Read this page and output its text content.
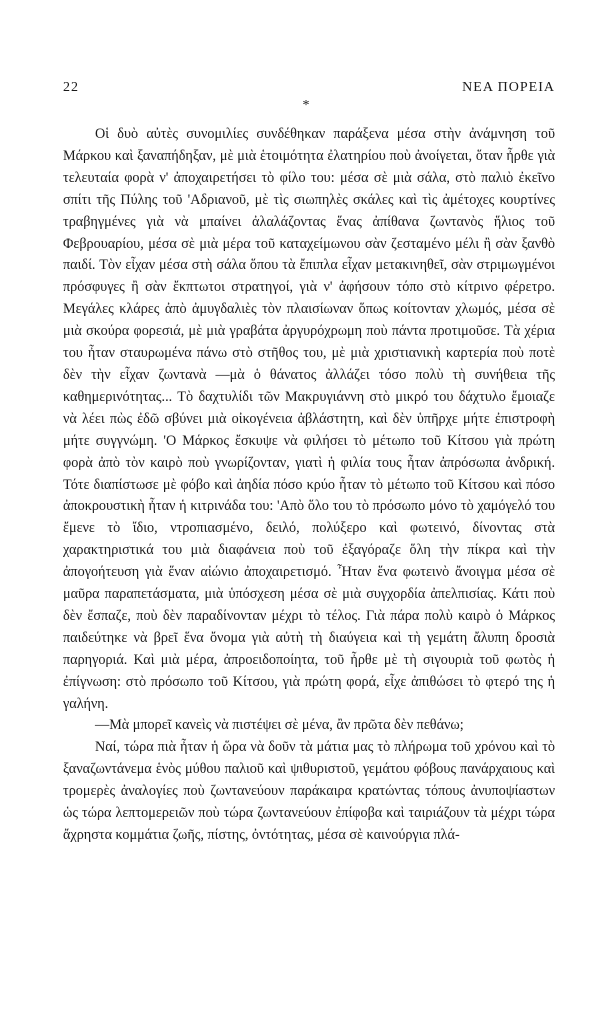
22	ΝΕΑ ΠΟΡΕΙΑ
*

Οἱ δυὸ αὐτὲς συνομιλίες συνδέθηκαν παράξενα μέσα στὴν ἀνάμνηση τοῦ Μάρκου καὶ ξαναπήδηξαν, μὲ μιὰ ἑτοιμότητα ἐλατηρίου ποὺ ἀνοίγεται, ὅταν ἦρθε γιὰ τελευταία φορὰ ν' ἀποχαιρετήσει τὸ φίλο του: μέσα σὲ μιὰ σάλα, στὸ παλιὸ ἐκεῖνο σπίτι τῆς Πύλης τοῦ 'Αδριανοῦ, μὲ τὶς σιωπηλὲς σκάλες καὶ τὶς ἀμέτοχες κουρτίνες τραβηγμένες γιὰ νὰ μπαίνει ἀλαλάζοντας ἕνας ἀπίθανα ζωντανὸς ἥλιος τοῦ Φεβρουαρίου, μέσα σὲ μιὰ μέρα τοῦ καταχείμωνου σὰν ζεσταμένο μέλι ἢ σὰν ξανθὸ παιδί. Τὸν εἶχαν μέσα στὴ σάλα ὅπου τὰ ἔπιπλα εἶχαν μετακινηθεῖ, σὰν στριμωγμένοι πρόσφυγες ἢ σὰν ἔκπτωτοι στρατηγοί, γιὰ ν' ἀφήσουν τόπο στὸ κίτρινο φέρετρο. Μεγάλες κλάρες ἀπὸ ἀμυγδαλιὲς τὸν πλαισίωναν ὅπως κοίτονταν χλωμός, μέσα σὲ μιὰ σκούρα φορεσιά, μὲ μιὰ γραβάτα ἀργυρόχρωμη ποὺ πάντα προτιμοῦσε. Τὰ χέρια του ἦταν σταυρωμένα πάνω στὸ στῆθος του, μὲ μιὰ χριστιανικὴ καρτερία ποὺ ποτὲ δὲν τὴν εἶχαν ζωντανὰ —μὰ ὁ θάνατος ἀλλάζει τόσο πολὺ τὴ συνήθεια τῆς καθημερινότητας... Τὸ δαχτυλίδι τῶν Μακρυγιάννη στὸ μικρό του δάχτυλο ἔμοιαζε νὰ λέει πὼς ἐδῶ σβύνει μιὰ οἰκογένεια ἀβλάστητη, καὶ δὲν ὑπῆρχε μήτε ἐπιστροφὴ μήτε συγγνώμη. 'Ο Μάρκος ἔσκυψε νὰ φιλήσει τὸ μέτωπο τοῦ Κίτσου γιὰ πρώτη φορὰ ἀπὸ τὸν καιρὸ ποὺ γνωρίζονταν, γιατὶ ἡ φιλία τους ἦταν ἀπρόσωπα ἀνδρική. Τότε διαπίστωσε μὲ φόβο καὶ ἀηδία πόσο κρύο ἦταν τὸ μέτωπο τοῦ Κίτσου καὶ πόσο ἀποκρουστικὴ ἦταν ἡ κιτρινάδα του: 'Απὸ ὅλο του τὸ πρόσωπο μόνο τὸ χαμόγελό του ἔμενε τὸ ἴδιο, ντροπιασμένο, δειλό, πολύξερο καὶ φωτεινό, δίνοντας στὰ χαρακτηριστικά του μιὰ διαφάνεια ποὺ τοῦ ἐξαγόραζε ὅλη τὴν πίκρα καὶ τὴν ἀπογοήτευση γιὰ ἕναν αἰώνιο ἀποχαιρετισμό. Ἦταν ἕνα φωτεινὸ ἄνοιγμα μέσα σὲ μαῦρα παραπετάσματα, μιὰ ὑπόσχεση μέσα σὲ μιὰ συγχορδία ἀπελπισίας. Κάτι ποὺ δὲν ἔσπαζε, ποὺ δὲν παραδίνονταν μέχρι τὸ τέλος. Γιὰ πάρα πολὺ καιρὸ ὁ Μάρκος παιδεύτηκε νὰ βρεῖ ἕνα ὄνομα γιὰ αὐτὴ τὴ διαύγεια καὶ τὴ γεμάτη ἄλυπη δροσιὰ παρηγοριά. Καὶ μιὰ μέρα, ἀπροειδοποίητα, τοῦ ἦρθε μὲ τὴ σιγουριὰ τοῦ φωτὸς ἡ ἐπίγνωση: στὸ πρόσωπο τοῦ Κίτσου, γιὰ πρώτη φορά, εἶχε ἀπιθώσει τὸ φτερό της ἡ γαλήνη.

—Μὰ μπορεῖ κανεὶς νὰ πιστέψει σὲ μένα, ἂν πρῶτα δὲν πεθάνω;

Ναί, τώρα πιὰ ἦταν ἡ ὥρα νὰ δοῦν τὰ μάτια μας τὸ πλήρωμα τοῦ χρόνου καὶ τὸ ξαναζωντάνεμα ἑνὸς μύθου παλιοῦ καὶ ψιθυριστοῦ, γεμάτου φόβους πανάρχαιους καὶ τρομερὲς ἀναλογίες ποὺ ζωντανεύουν παράκαιρα κρατώντας τόπους ἀνυποψίαστων ὡς τώρα λεπτομερειῶν ποὺ τώρα ζωντανεύουν ἐπίφοβα καὶ ταιριάζουν τὰ μέχρι τώρα ἄχρηστα κομμάτια ζωῆς, πίστης, ὀντότητας, μέσα σὲ καινούργια πλά-
